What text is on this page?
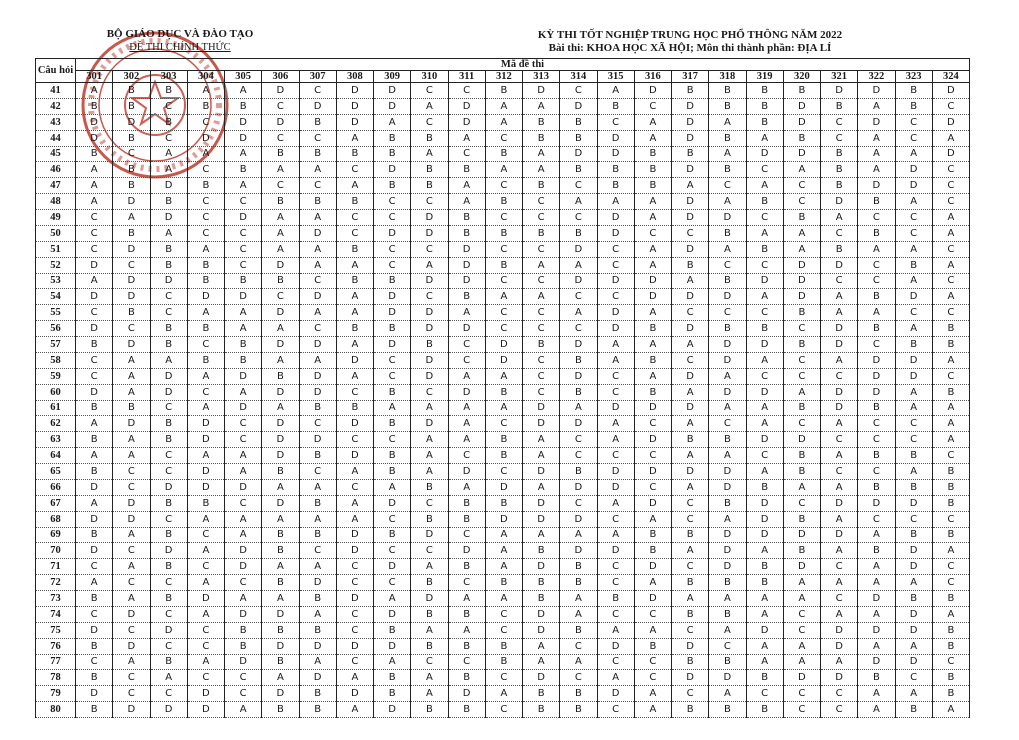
BỘ GIÁO DỤC VÀ ĐÀO TẠO
ĐỀ THI CHÍNH THỨC
KỲ THI TỐT NGHIỆP TRUNG HỌC PHỔ THÔNG NĂM 2022
Bài thi: KHOA HỌC XÃ HỘI; Môn thi thành phần: ĐỊA LÍ
Câu hỏi	Mã đề thi																							
	301	302	303	304	305	306	307	308	309	310	311	312	313	314	315	316	317	318	319	320	321	322	323	324
41	A	B	B	A	A	D	C	D	D	C	C	B	D	C	A	D	B	B	B	B	D	D	B	D
42	B	B	C	B	B	C	D	D	D	A	D	A	A	D	B	C	D	B	B	D	B	A	B	C
43	D	D	B	C	D	D	B	D	A	C	D	A	B	B	C	A	D	A	B	D	C	D	C	D
44	D	B	C	D	D	C	C	A	B	B	A	C	B	B	D	A	D	B	A	B	C	A	C	A
45	B	C	A	A	A	B	B	B	B	A	C	B	A	D	D	B	B	A	D	D	B	A	A	D
46	A	B	A	C	B	A	A	C	D	B	B	A	A	B	B	B	D	B	C	A	B	A	D	C
47	A	B	D	B	A	C	C	A	B	B	A	C	B	C	B	B	A	C	A	C	B	D	D	C
48	A	D	B	C	C	B	B	B	C	C	A	B	C	A	A	A	D	A	B	C	D	B	A	C
49	C	A	D	C	D	A	A	C	C	D	B	C	C	C	D	A	D	D	C	B	A	C	C	A
50	C	B	A	C	C	A	D	C	D	D	B	B	B	B	D	C	C	B	A	A	C	B	C	A
51	C	D	B	A	C	A	A	B	C	C	D	C	C	D	C	A	D	A	B	A	B	A	A	C
52	D	C	B	B	C	D	A	A	C	A	D	B	A	A	C	A	B	C	C	D	D	C	B	A
53	A	D	D	B	B	B	C	B	B	D	D	C	C	D	D	D	A	B	D	D	C	C	A	C
54	D	D	C	D	D	C	D	A	D	C	B	A	A	C	C	D	D	D	A	D	A	B	D	A
55	C	B	C	A	A	D	A	A	D	D	A	C	C	A	D	A	C	C	C	B	A	A	C	C
56	D	C	B	B	A	A	C	B	B	D	D	C	C	C	D	B	D	B	B	C	D	B	A	B
57	B	D	B	C	B	D	D	A	D	B	C	D	B	D	A	A	A	D	D	B	D	C	B	B
58	C	A	A	B	B	A	A	D	C	D	C	D	C	B	A	B	C	D	A	C	A	D	D	A
59	C	A	D	A	D	B	D	A	C	D	A	A	C	D	C	A	D	A	C	C	C	D	D	C
60	D	A	D	C	A	D	D	C	B	C	D	B	C	B	C	B	A	D	D	A	D	D	A	B
61	B	B	C	A	D	A	B	B	A	A	A	A	D	A	D	D	D	A	A	B	D	B	A	A
62	A	D	B	D	C	D	C	D	B	D	A	C	D	D	A	C	A	C	A	C	A	C	C	A
63	B	A	B	D	C	D	D	C	C	A	A	B	A	C	A	D	B	B	D	D	C	C	C	A
64	A	A	C	A	A	D	B	D	B	A	C	B	A	C	C	C	A	A	C	B	A	B	B	C
65	B	C	C	D	A	B	C	A	B	A	D	C	D	B	D	D	D	D	A	B	C	C	A	B
66	D	C	D	D	D	A	A	C	A	B	A	D	A	D	D	C	A	D	B	A	A	B	B	B
67	A	D	B	B	C	D	B	A	D	C	B	B	D	C	A	D	C	B	D	C	D	D	D	B
68	D	D	C	A	A	A	A	A	C	B	B	D	D	D	C	A	C	A	D	B	A	C	C	C
69	B	A	B	C	A	B	B	D	B	D	C	A	A	A	A	B	B	D	D	D	D	A	B	B
70	D	C	D	A	D	B	C	D	C	C	D	A	B	D	D	B	A	D	A	B	A	B	D	A
71	C	A	B	C	D	A	A	C	D	A	B	A	D	B	C	D	C	D	B	D	C	A	D	C
72	A	C	C	A	C	B	D	C	C	B	C	B	B	B	C	A	B	B	B	A	A	A	A	C
73	B	A	B	D	A	A	B	D	A	D	A	A	B	A	B	D	A	A	A	A	C	D	B	B
74	C	D	C	A	D	D	A	C	D	B	B	C	D	A	C	C	B	B	A	C	A	A	D	A
75	D	C	D	C	B	B	B	C	B	A	A	C	D	B	A	A	C	A	D	C	D	D	D	B
76	B	D	C	C	B	D	D	D	D	B	B	B	A	C	D	B	D	C	A	A	D	A	A	B
77	C	A	B	A	D	B	A	C	A	C	C	B	A	A	C	C	B	B	A	A	A	D	D	C
78	B	C	A	C	C	A	D	A	B	A	B	C	D	C	A	C	D	D	B	D	D	B	C	B
79	D	C	C	D	C	D	B	D	B	A	D	A	B	B	D	A	C	A	C	C	C	A	A	B
80	B	D	D	D	A	B	B	A	D	B	B	C	B	B	C	A	B	B	B	C	C	A	B	A
